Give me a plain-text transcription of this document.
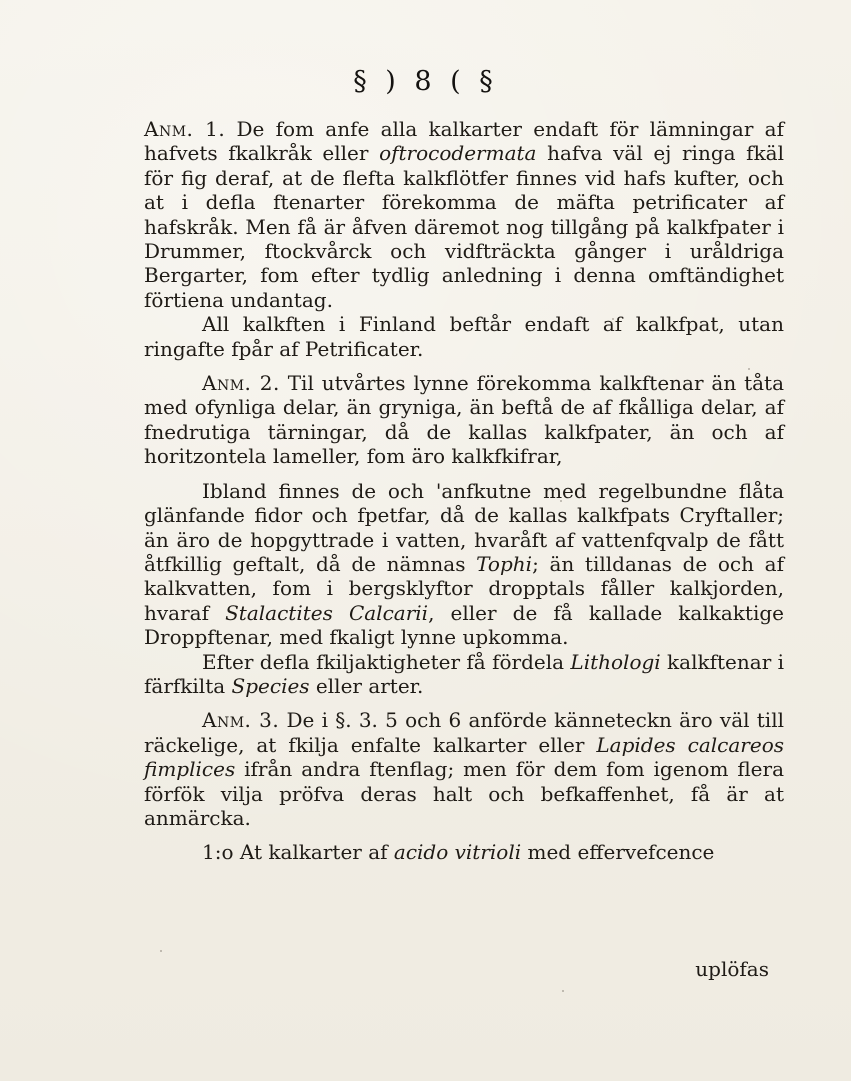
§ ) 8 ( §

Anm. 1. De fom anfe alla kalkarter endaft för lämningar af hafvets fkalkråk eller oftrocodermata hafva väl ej ringa fkäl för fig deraf, at de flefta kalkflötfer finnes vid hafs kufter, och at i defla ftenarter förekomma de mäfta petrificater af hafskråk. Men få är åfven däremot nog tillgång på kalkfpater i Drummer, ftockvårck och vidfträckta gånger i uråldriga Bergarter, fom efter tydlig anledning i denna omftändighet förtiena undantag.

All kalkften i Finland beftår endaft af kalkfpat, utan ringafte fpår af Petrificater.

Anm. 2. Til utvårtes lynne förekomma kalkftenar än tåta med ofynliga delar, än gryniga, än beftå de af fkålliga delar, af fnedrutiga tärningar, då de kallas kalkfpater, än och af horitzontela lameller, fom äro kalkfkifrar,

Ibland finnes de och 'anfkutne med regelbundne flåta glänfande fidor och fpetfar, då de kallas kalkfpats Cryftaller; än äro de hopgyttrade i vatten, hvaråft af vattenfqvalp de fått åtfkillig geftalt, då de nämnas Tophi; än tilldanas de och af kalkvatten, fom i bergsklyftor dropptals fåller kalkjorden, hvaraf Stalactites Calcarii, eller de få kallade kalkaktige Droppftenar, med fkaligt lynne upkomma.

Efter defla fkiljaktigheter få fördela Lithologi kalkftenar i färfkilta Species eller arter.

Anm. 3. De i §. 3. 5 och 6 anförde känneteckn äro väl till räckelige, at fkilja enfalte kalkarter eller Lapides calcareos fimplices ifrån andra ftenflag; men för dem fom igenom flera förfök vilja pröfva deras halt och befkaffenhet, få är at anmärcka.

1:o At kalkarter af acido vitrioli med effervefcence

uplöfas
